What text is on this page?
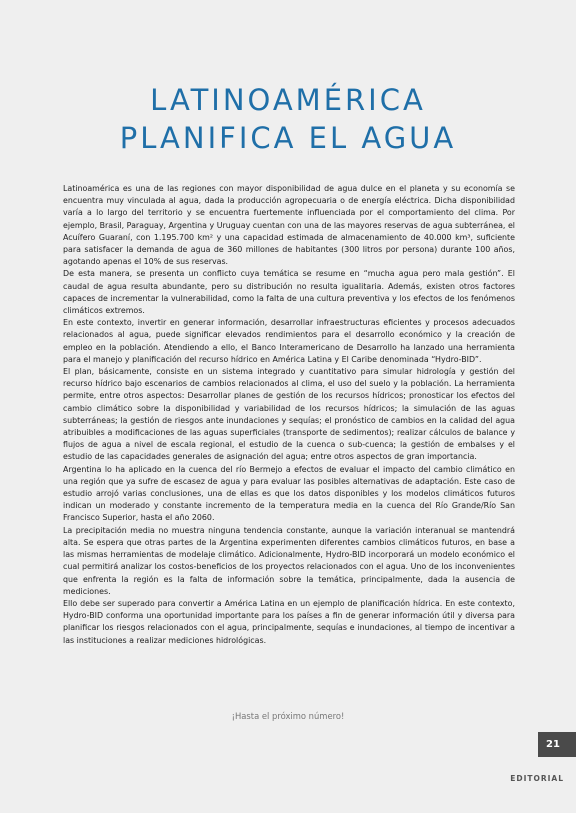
LATINOAMÉRICA
PLANIFICA EL AGUA

Latinoamérica es una de las regiones con mayor disponibilidad de agua dulce en el planeta y su economía se encuentra muy vinculada al agua, dada la producción agropecuaria o de energía eléctrica. Dicha disponibilidad varía a lo largo del territorio y se encuentra fuertemente influenciada por el comportamiento del clima. Por ejemplo, Brasil, Paraguay, Argentina y Uruguay cuentan con una de las mayores reservas de agua subterránea, el Acuífero Guaraní, con 1.195.700 km² y una capacidad estimada de almacenamiento de 40.000 km³, suficiente para satisfacer la demanda de agua de 360 millones de habitantes (300 litros por persona) durante 100 años, agotando apenas el 10% de sus reservas.

De esta manera, se presenta un conflicto cuya temática se resume en “mucha agua pero mala gestión”. El caudal de agua resulta abundante, pero su distribución no resulta igualitaria. Además, existen otros factores capaces de incrementar la vulnerabilidad, como la falta de una cultura preventiva y los efectos de los fenómenos climáticos extremos.

En este contexto, invertir en generar información, desarrollar infraestructuras eficientes y procesos adecuados relacionados al agua, puede significar elevados rendimientos para el desarrollo económico y la creación de empleo en la población. Atendiendo a ello, el Banco Interamericano de Desarrollo ha lanzado una herramienta para el manejo y planificación del recurso hídrico en América Latina y El Caribe denominada “Hydro-BID”.

El plan, básicamente, consiste en un sistema integrado y cuantitativo para simular hidrología y gestión del recurso hídrico bajo escenarios de cambios relacionados al clima, el uso del suelo y la población. La herramienta permite, entre otros aspectos: Desarrollar planes de gestión de los recursos hídricos; pronosticar los efectos del cambio climático sobre la disponibilidad y variabilidad de los recursos hídricos; la simulación de las aguas subterráneas; la gestión de riesgos ante inundaciones y sequías; el pronóstico de cambios en la calidad del agua atribuibles a modificaciones de las aguas superficiales (transporte de sedimentos); realizar cálculos de balance y flujos de agua a nivel de escala regional, el estudio de la cuenca o sub-cuenca; la gestión de embalses y el estudio de las capacidades generales de asignación del agua; entre otros aspectos de gran importancia.

Argentina lo ha aplicado en la cuenca del río Bermejo a efectos de evaluar el impacto del cambio climático en una región que ya sufre de escasez de agua y para evaluar las posibles alternativas de adaptación. Este caso de estudio arrojó varias conclusiones, una de ellas es que los datos disponibles y los modelos climáticos futuros indican un moderado y constante incremento de la temperatura media en la cuenca del Río Grande/Río San Francisco Superior, hasta el año 2060.

La precipitación media no muestra ninguna tendencia constante, aunque la variación interanual se mantendrá alta. Se espera que otras partes de la Argentina experimenten diferentes cambios climáticos futuros, en base a las mismas herramientas de modelaje climático. Adicionalmente, Hydro-BID incorporará un modelo económico el cual permitirá analizar los costos-beneficios de los proyectos relacionados con el agua. Uno de los inconvenientes que enfrenta la región es la falta de información sobre la temática, principalmente, dada la ausencia de mediciones.

Ello debe ser superado para convertir a América Latina en un ejemplo de planificación hídrica. En este contexto, Hydro-BID conforma una oportunidad importante para los países a fin de generar información útil y diversa para planificar los riesgos relacionados con el agua, principalmente, sequías e inundaciones, al tiempo de incentivar a las instituciones a realizar mediciones hidrológicas.

¡Hasta el próximo número!
21
EDITORIAL
